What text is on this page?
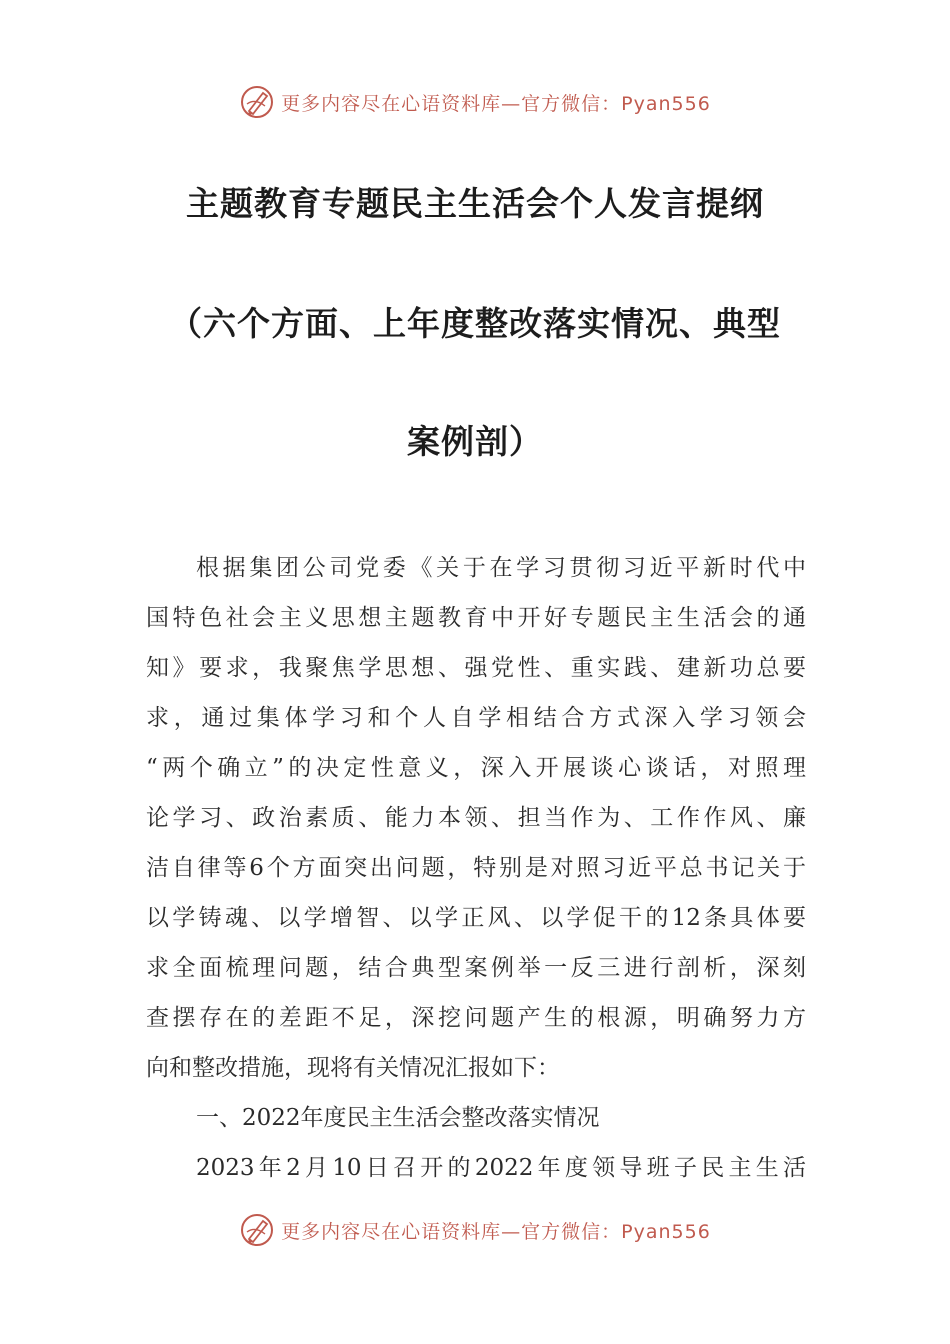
更多内容尽在心语资料库—官方微信：Pyan556
主题教育专题民主生活会个人发言提纲
（六个方面、上年度整改落实情况、典型
案例剖）
根据集团公司党委《关于在学习贯彻习近平新时代中
国特色社会主义思想主题教育中开好专题民主生活会的通
知》要求，我聚焦学思想、强党性、重实践、建新功总要
求，通过集体学习和个人自学相结合方式深入学习领会
“两个确立”的决定性意义，深入开展谈心谈话，对照理
论学习、政治素质、能力本领、担当作为、工作作风、廉
洁自律等6个方面突出问题，特别是对照习近平总书记关于
以学铸魂、以学增智、以学正风、以学促干的12条具体要
求全面梳理问题，结合典型案例举一反三进行剖析，深刻
查摆存在的差距不足，深挖问题产生的根源，明确努力方
向和整改措施，现将有关情况汇报如下：
一、2022年度民主生活会整改落实情况
2023年2月10日召开的2022年度领导班子民主生活
更多内容尽在心语资料库—官方微信：Pyan556
